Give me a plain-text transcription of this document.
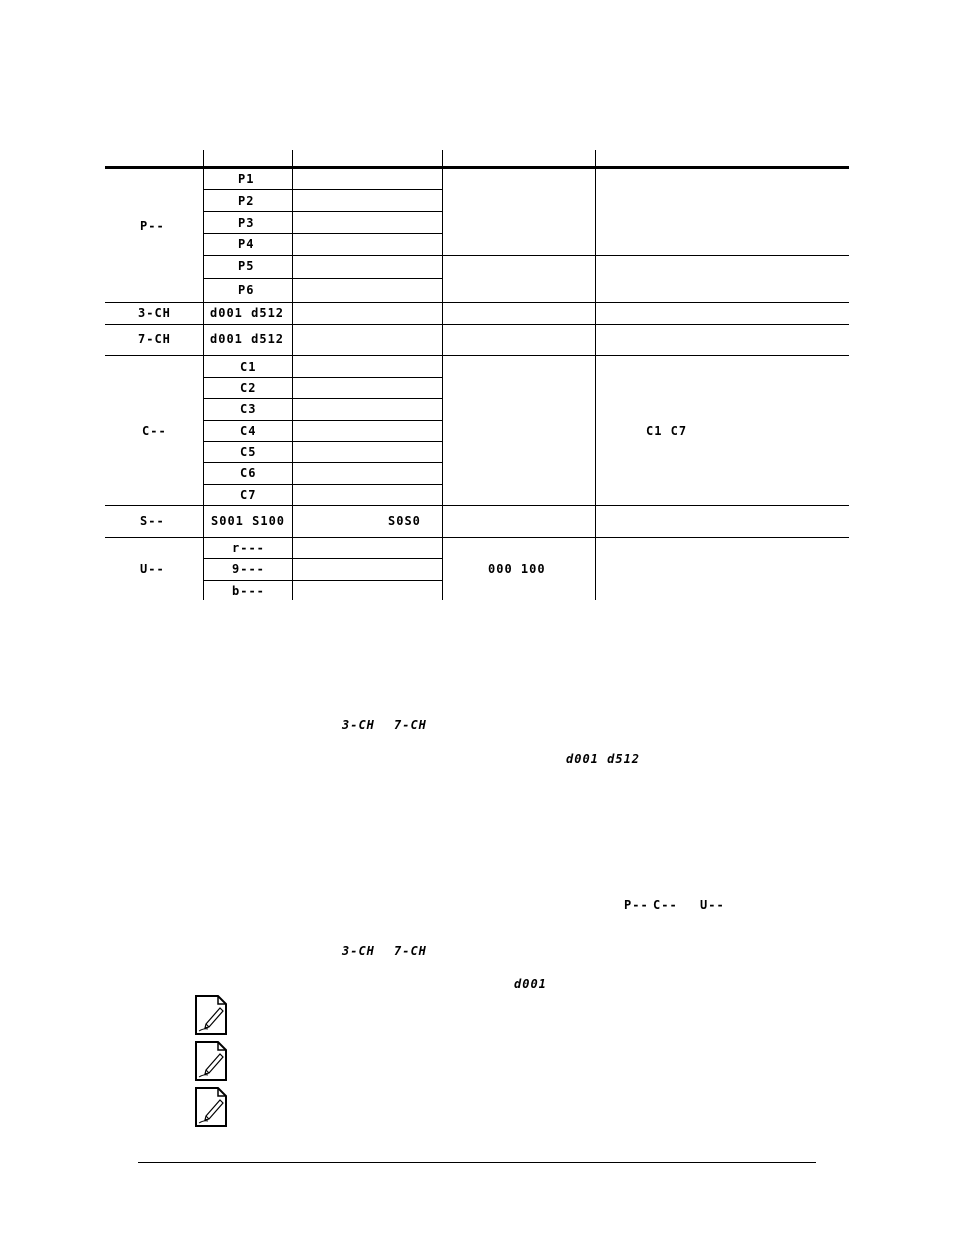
P--
3-CH
7-CH
C--
S--
U--
P1
P2
P3
P4
P5
P6
d001 d512
d001 d512
C1
C2
C3
C4
C5
C6
C7
S001 S100	S0S0
r---
9---
b---
000 100
C1 C7
3-CH 7-CH
d001 d512
P-- C-- U--
3-CH 7-CH
d001
